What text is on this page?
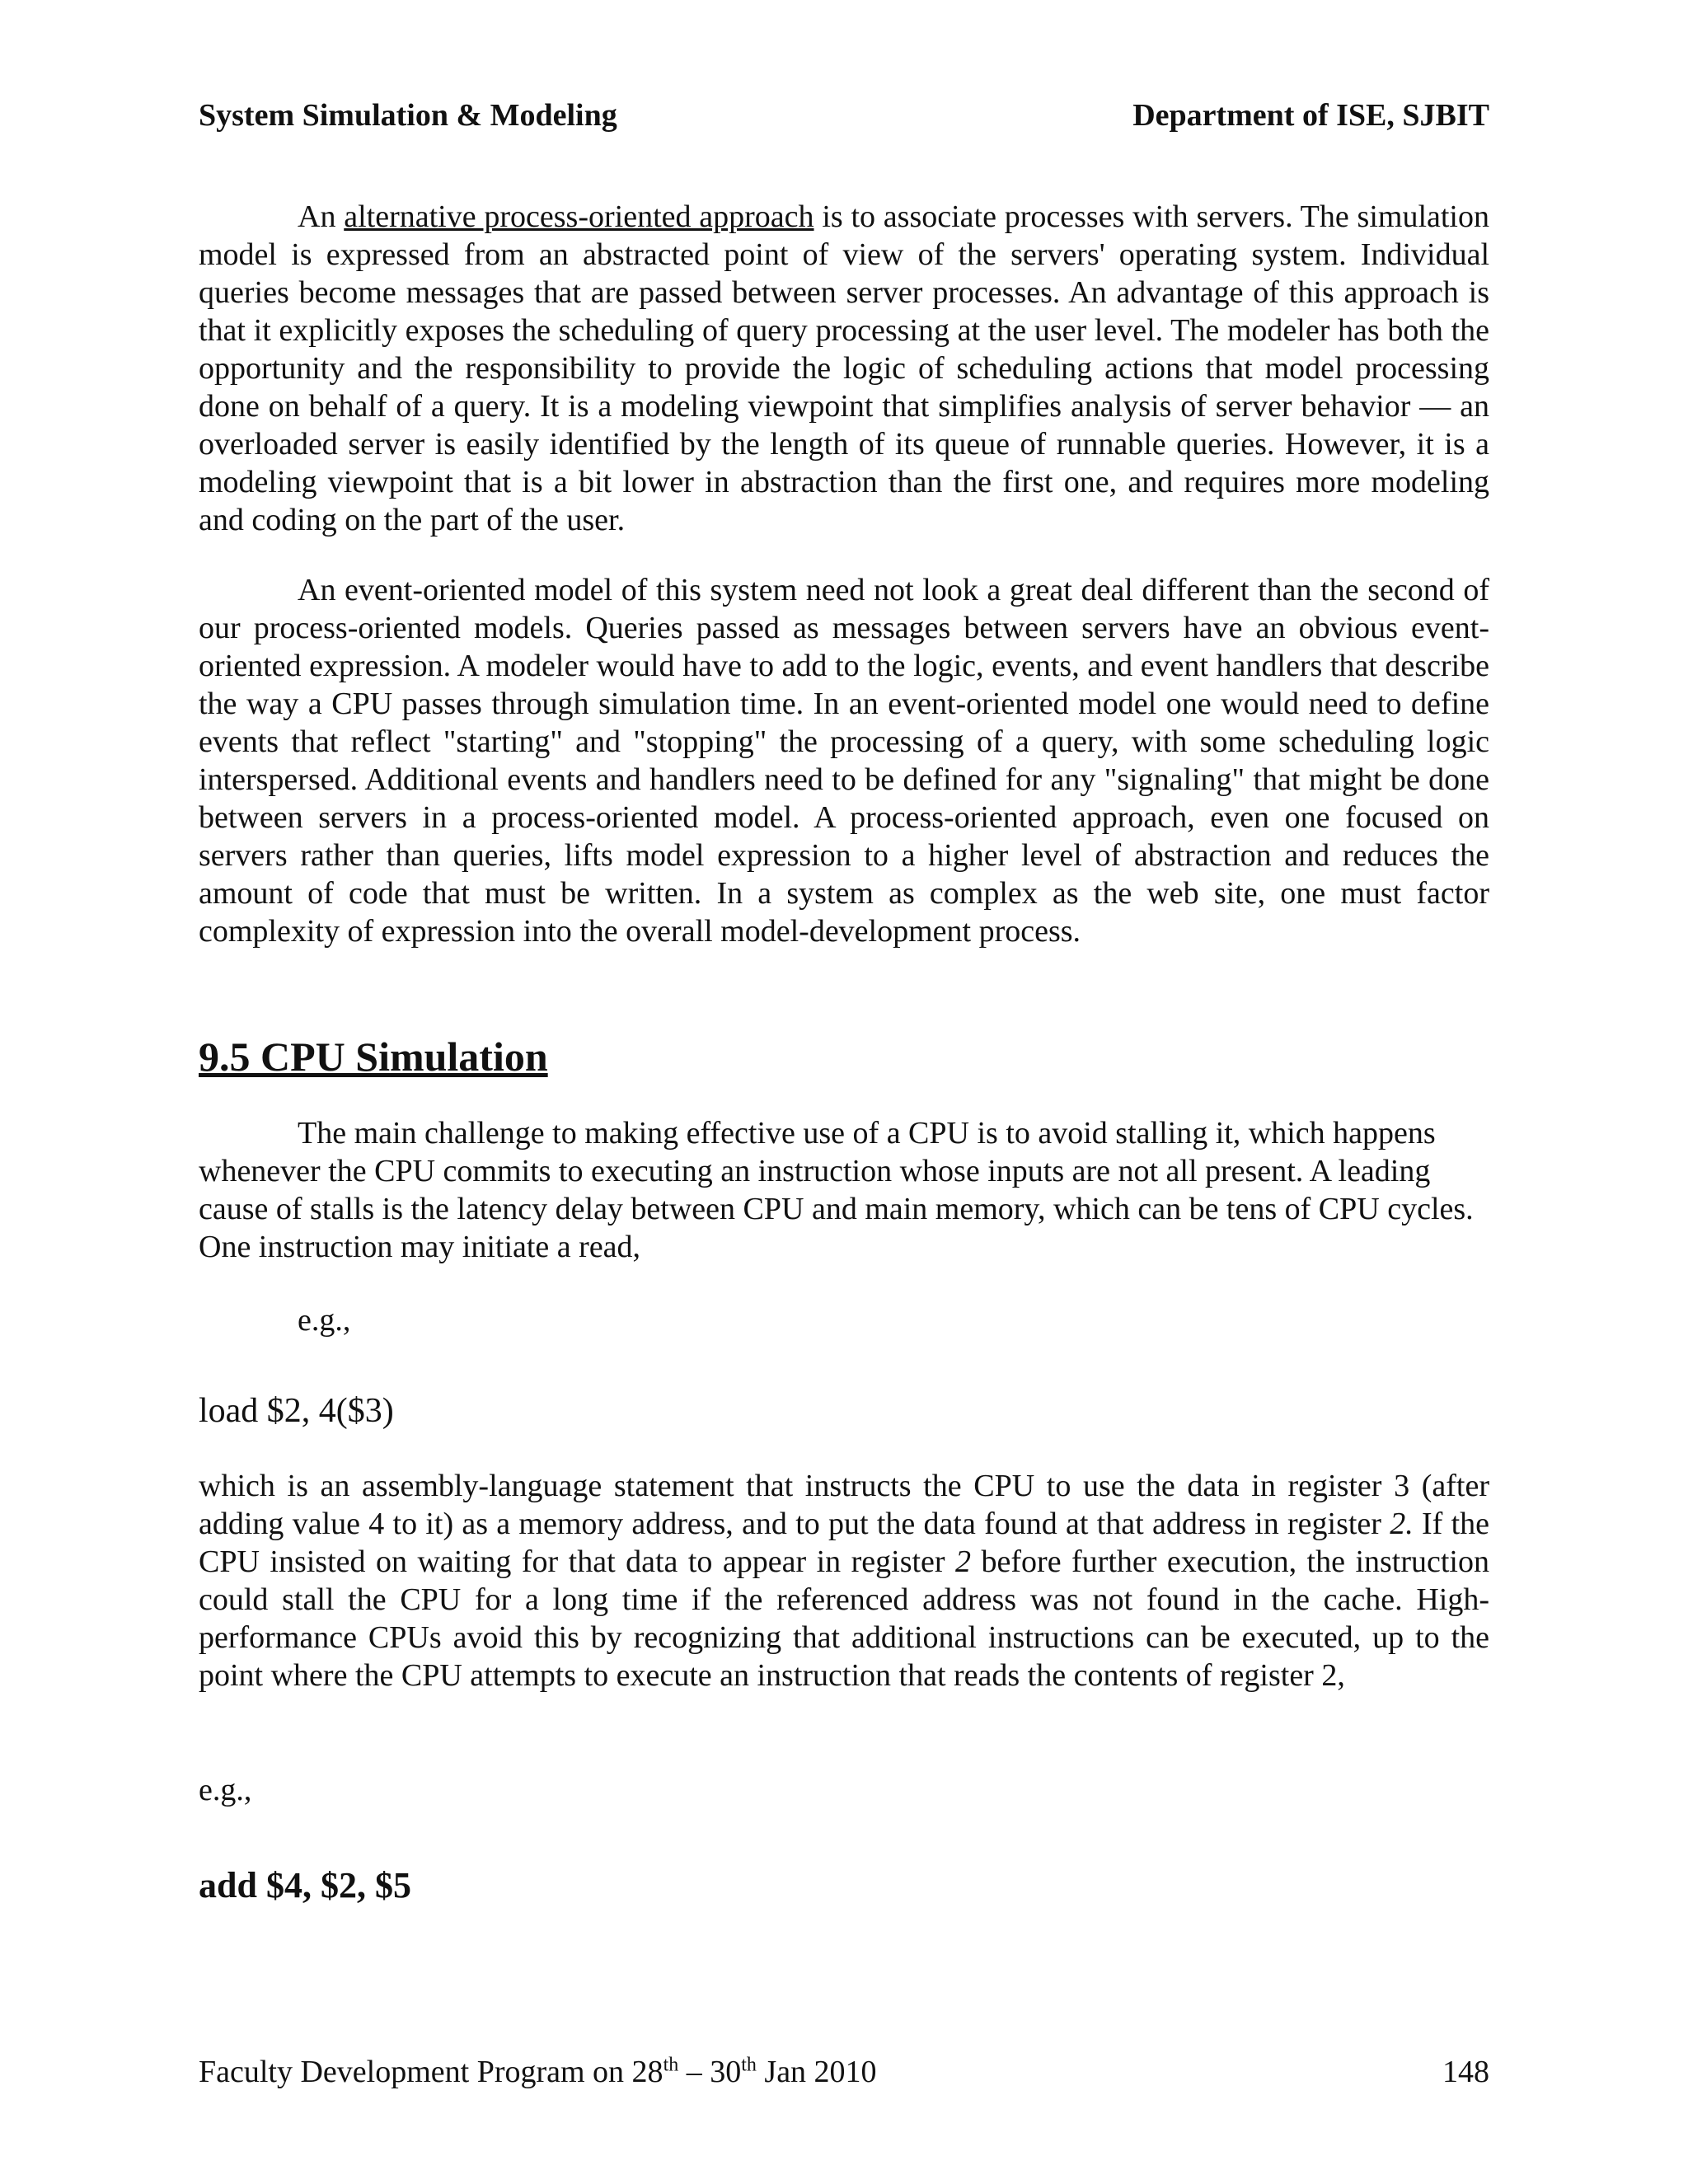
System Simulation & Modeling	Department of ISE, SJBIT

An alternative process-oriented approach is to associate processes with servers. The simulation model is expressed from an abstracted point of view of the servers' operating system. Individual queries become messages that are passed between server processes. An advantage of this approach is that it explicitly exposes the scheduling of query processing at the user level. The modeler has both the opportunity and the responsibility to provide the logic of scheduling actions that model processing done on behalf of a query. It is a modeling viewpoint that simplifies analysis of server behavior — an overloaded server is easily identified by the length of its queue of runnable queries. However, it is a modeling viewpoint that is a bit lower in abstraction than the first one, and requires more modeling and coding on the part of the user.

An event-oriented model of this system need not look a great deal different than the second of our process-oriented models. Queries passed as messages between servers have an obvious event-oriented expression. A modeler would have to add to the logic, events, and event handlers that describe the way a CPU passes through simulation time. In an event-oriented model one would need to define events that reflect "starting" and "stopping" the processing of a query, with some scheduling logic interspersed. Additional events and handlers need to be defined for any "signaling" that might be done between servers in a process-oriented model. A process-oriented approach, even one focused on servers rather than queries, lifts model expression to a higher level of abstraction and reduces the amount of code that must be written. In a system as complex as the web site, one must factor complexity of expression into the overall model-development process.

9.5 CPU Simulation

The main challenge to making effective use of a CPU is to avoid stalling it, which happens whenever the CPU commits to executing an instruction whose inputs are not all present. A leading cause of stalls is the latency delay between CPU and main memory, which can be tens of CPU cycles. One instruction may initiate a read,

e.g.,
load $2, 4($3)

which is an assembly-language statement that instructs the CPU to use the data in register 3 (after adding value 4 to it) as a memory address, and to put the data found at that address in register 2. If the CPU insisted on waiting for that data to appear in register 2 before further execution, the instruction could stall the CPU for a long time if the referenced address was not found in the cache. High-performance CPUs avoid this by recognizing that additional instructions can be executed, up to the point where the CPU attempts to execute an instruction that reads the contents of register 2,

e.g.,
add $4, $2, $5
Faculty Development Program on 28th – 30th Jan 2010	148
